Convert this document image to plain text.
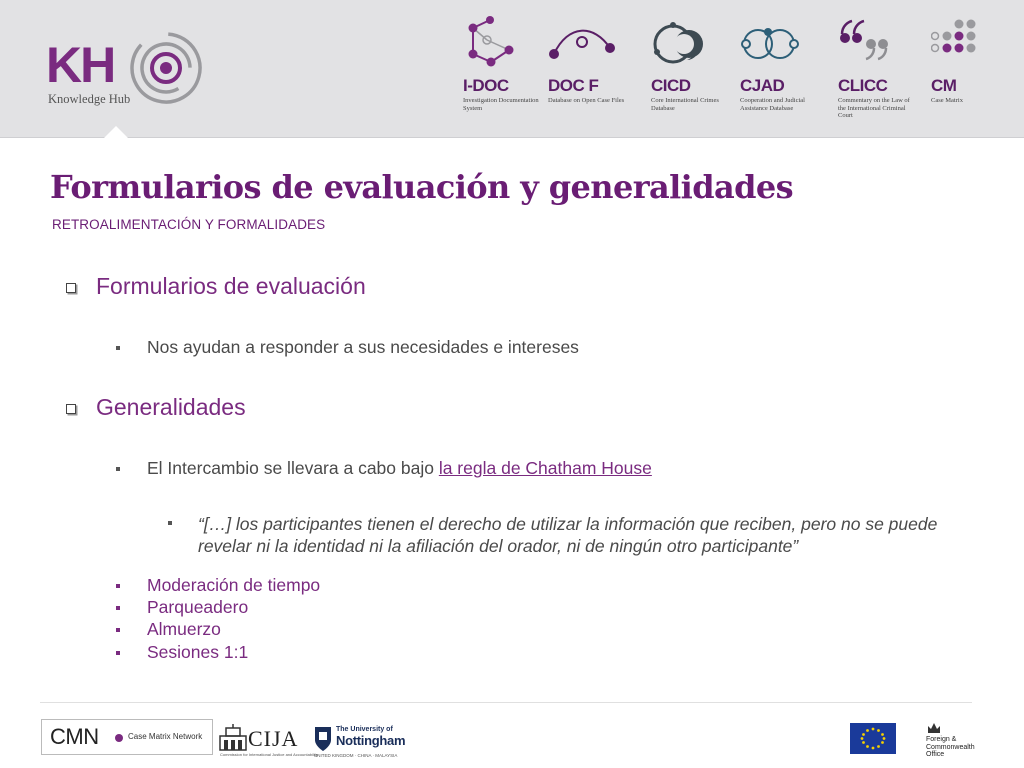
KH
Knowledge Hub
I-DOC
Investigation Documentation System
DOC F
Database on Open Case Files
CICD
Core International Crimes Database
CJAD
Cooperation and Judicial Assistance Database
CLICC
Commentary on the Law of the International Criminal Court
CM
Case Matrix
Formularios de evaluación y generalidades
RETROALIMENTACIÓN Y FORMALIDADES
Formularios de evaluación
Nos ayudan a responder a sus necesidades e intereses
Generalidades
El Intercambio se llevara a cabo bajo la regla de Chatham House
“[…] los participantes tienen el derecho de utilizar la información que reciben, pero no se puede revelar ni la identidad ni la afiliación del orador, ni de ningún otro participante”
Moderación de tiempo
Parqueadero
Almuerzo
Sesiones 1:1
CMN	Case Matrix Network CIJA
Commission for International Justice and Accountability
The University of
Nottingham
UNITED KINGDOM · CHINA · MALAYSIA
Foreign &
Commonwealth
Office
